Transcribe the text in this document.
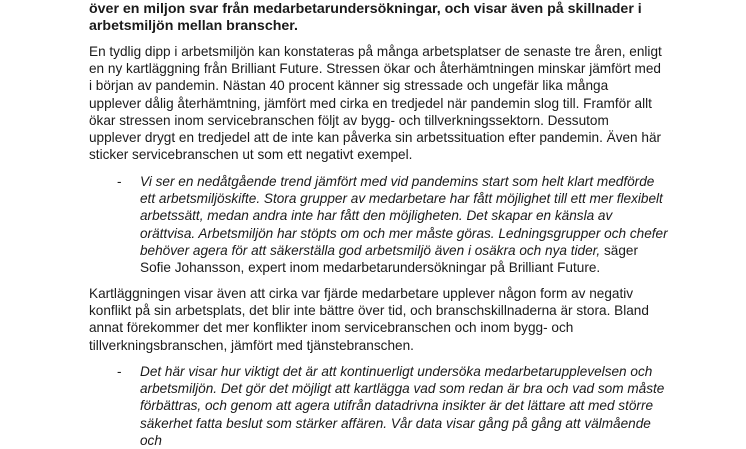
över en miljon svar från medarbetarundersökningar, och visar även på skillnader i arbetsmiljön mellan branscher.

En tydlig dipp i arbetsmiljön kan konstateras på många arbetsplatser de senaste tre åren, enligt en ny kartläggning från Brilliant Future. Stressen ökar och återhämtningen minskar jämfört med i början av pandemin. Nästan 40 procent känner sig stressade och ungefär lika många upplever dålig återhämtning, jämfört med cirka en tredjedel när pandemin slog till. Framför allt ökar stressen inom servicebranschen följt av bygg- och tillverkningssektorn. Dessutom upplever drygt en tredjedel att de inte kan påverka sin arbetssituation efter pandemin. Även här sticker servicebranschen ut som ett negativt exempel.

- Vi ser en nedåtgående trend jämfört med vid pandemins start som helt klart medförde ett arbetsmiljöskifte. Stora grupper av medarbetare har fått möjlighet till ett mer flexibelt arbetssätt, medan andra inte har fått den möjligheten. Det skapar en känsla av orättvisa. Arbetsmiljön har stöpts om och mer måste göras. Ledningsgrupper och chefer behöver agera för att säkerställa god arbetsmiljö även i osäkra och nya tider, säger Sofie Johansson, expert inom medarbetarundersökningar på Brilliant Future.

Kartläggningen visar även att cirka var fjärde medarbetare upplever någon form av negativ konflikt på sin arbetsplats, det blir inte bättre över tid, och branschskillnaderna är stora. Bland annat förekommer det mer konflikter inom servicebranschen och inom bygg- och tillverkningsbranschen, jämfört med tjänstebranschen.

- Det här visar hur viktigt det är att kontinuerligt undersöka medarbetarupplevelsen och arbetsmiljön. Det gör det möjligt att kartlägga vad som redan är bra och vad som måste förbättras, och genom att agera utifrån datadrivna insikter är det lättare att med större säkerhet fatta beslut som stärker affären. Vår data visar gång på gång att välmående och
